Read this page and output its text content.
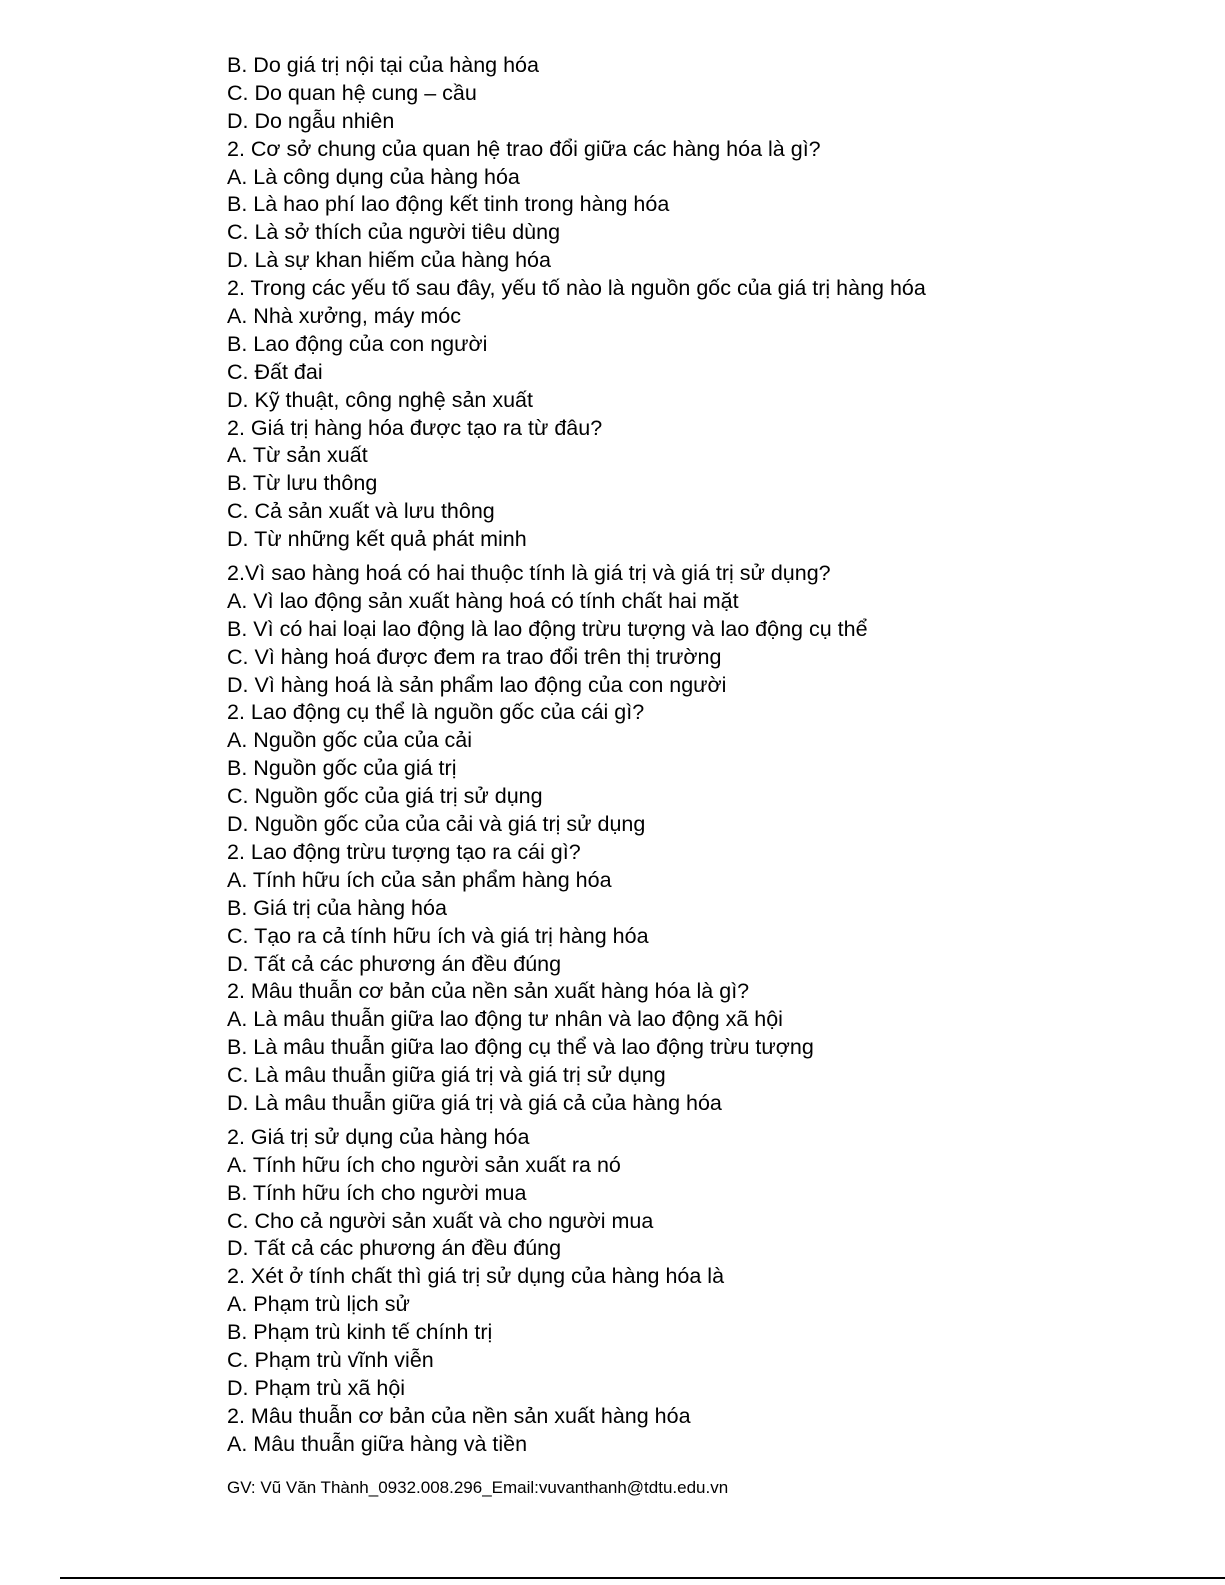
B. Do giá trị nội tại của hàng hóa
C. Do quan hệ cung – cầu
D. Do ngẫu nhiên
2. Cơ sở chung của quan hệ trao đổi giữa các hàng hóa là gì?
A. Là công dụng của hàng hóa
B. Là hao phí lao động kết tinh trong hàng hóa
C. Là sở thích của người tiêu dùng
D. Là sự khan hiếm của hàng hóa
2. Trong các yếu tố sau đây, yếu tố nào là nguồn gốc của giá trị hàng hóa
A. Nhà xưởng, máy móc
B. Lao động của con người
C. Đất đai
D. Kỹ thuật, công nghệ sản xuất
2. Giá trị hàng hóa được tạo ra từ đâu?
A. Từ sản xuất
B. Từ lưu thông
C. Cả sản xuất và lưu thông
D. Từ những kết quả phát minh
2.Vì sao hàng hoá có hai thuộc tính là giá trị và giá trị sử dụng?
A. Vì lao động sản xuất hàng hoá có tính chất hai mặt
B. Vì có hai loại lao động là lao động trừu tượng và lao động cụ thể
C. Vì hàng hoá được đem ra trao đổi trên thị trường
D. Vì hàng hoá là sản phẩm lao động của con người
2. Lao động cụ thể là nguồn gốc của cái gì?
A. Nguồn gốc của của cải
B. Nguồn gốc của giá trị
C. Nguồn gốc của giá trị sử dụng
D. Nguồn gốc của của cải và giá trị sử dụng
2. Lao động trừu tượng tạo ra cái gì?
A. Tính hữu ích của sản phẩm hàng hóa
B. Giá trị của hàng hóa
C. Tạo ra cả tính hữu ích và giá trị hàng hóa
D. Tất cả các phương án đều đúng
2. Mâu thuẫn cơ bản của nền sản xuất hàng hóa là gì?
A. Là mâu thuẫn giữa lao động tư nhân và lao động xã hội
B. Là mâu thuẫn giữa lao động cụ thể và lao động trừu tượng
C. Là mâu thuẫn giữa giá trị và giá trị sử dụng
D. Là mâu thuẫn giữa giá trị và giá cả của hàng hóa
2. Giá trị sử dụng của hàng hóa
A. Tính hữu ích cho người sản xuất ra nó
B. Tính hữu ích cho người mua
C. Cho cả người sản xuất và cho người mua
D. Tất cả các phương án đều đúng
2. Xét ở tính chất thì giá trị sử dụng của hàng hóa là
A. Phạm trù lịch sử
B. Phạm trù kinh tế chính trị
C. Phạm trù vĩnh viễn
D. Phạm trù xã hội
2. Mâu thuẫn cơ bản của nền sản xuất hàng hóa
A. Mâu thuẫn giữa hàng và tiền
GV: Vũ Văn Thành_0932.008.296_Email:vuvanthanh@tdtu.edu.vn
